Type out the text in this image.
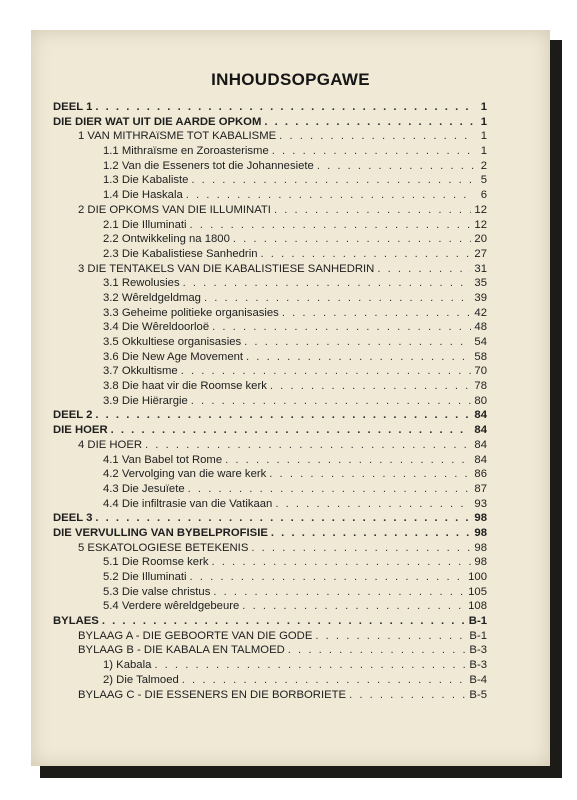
INHOUDSOPGAWE
DEEL 1 . . .	1
DIE DIER WAT UIT DIE AARDE OPKOM . . .	1
1 VAN MITHRAïSME TOT KABALISME . . .	1
1.1 Mithraïsme en Zoroasterisme . . .	1
1.2 Van die Esseners tot die Johannesiete . . .	2
1.3 Die Kabaliste . . .	5
1.4 Die Haskala . . .	6
2 DIE OPKOMS VAN DIE ILLUMINATI . . .	12
2.1 Die Illuminati . . .	12
2.2 Ontwikkeling na 1800 . . .	20
2.3 Die Kabalistiese Sanhedrin . . .	27
3 DIE TENTAKELS VAN DIE KABALISTIESE SANHEDRIN . . .	31
3.1 Rewolusies . . .	35
3.2 Wêreldgeldmag . . .	39
3.3 Geheime politieke organisasies . . .	42
3.4 Die Wêreldoorloë . . .	48
3.5 Okkultiese organisasies . . .	54
3.6 Die New Age Movement . . .	58
3.7 Okkultisme . . .	70
3.8 Die haat vir die Roomse kerk . . .	78
3.9 Die Hiërargie . . .	80
DEEL 2 . . .	84
DIE HOER . . .	84
4 DIE HOER . . .	84
4.1 Van Babel tot Rome . . .	84
4.2 Vervolging van die ware kerk . . .	86
4.3 Die Jesuïete . . .	87
4.4 Die infiltrasie van die Vatikaan . . .	93
DEEL 3 . . .	98
DIE VERVULLING VAN BYBELPROFISIE . . .	98
5 ESKATOLOGIESE BETEKENIS . . .	98
5.1 Die Roomse kerk . . .	98
5.2 Die Illuminati . . .	100
5.3 Die valse christus . . .	105
5.4 Verdere wêreldgebeure . . .	108
BYLAES . . .	B-1
BYLAAG A - DIE GEBOORTE VAN DIE GODE . . .	B-1
BYLAAG B - DIE KABALA EN TALMOED . . .	B-3
1) Kabala . . .	B-3
2) Die Talmoed . . .	B-4
BYLAAG C - DIE ESSENERS EN DIE BORBORIETE . . .	B-5
